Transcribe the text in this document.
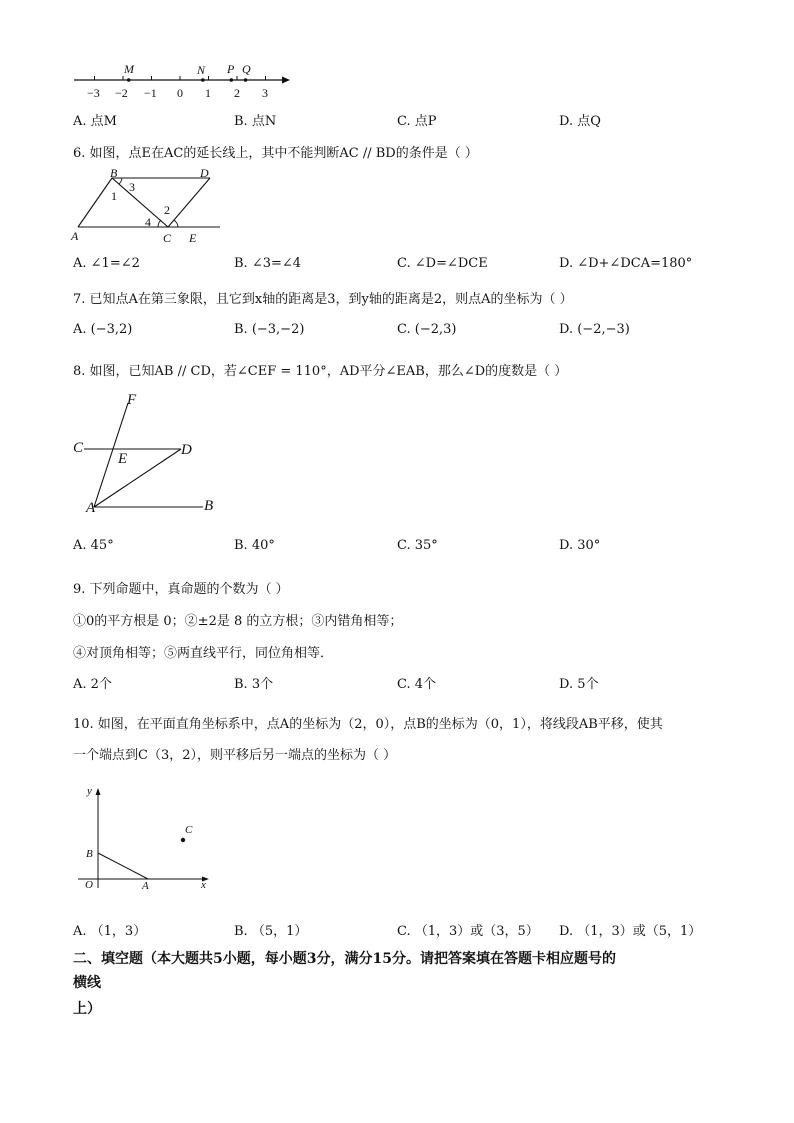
−3 −2 −1 0 1 2 3
M	N P Q
A. 点M	B. 点N	C. 点P	D. 点Q
6. 如图，点E在AC的延长线上，其中不能判断AC // BD的条件是（ ）
B	D
A	C E
1
3
2
4
A. ∠1=∠2	B. ∠3=∠4	C. ∠D=∠DCE	D. ∠D+∠DCA=180°
7. 已知点A在第三象限，且它到x轴的距离是3，到y轴的距离是2，则点A的坐标为（ ）
A. (−3,2)	B. (−3,−2)	C. (−2,3)	D. (−2,−3)
8. 如图，已知AB // CD，若∠CEF = 110°，AD平分∠EAB，那么∠D的度数是（ ）
F
C	D
E
A	B
A. 45°	B. 40°	C. 35°	D. 30°
9. 下列命题中，真命题的个数为（ ）
①0的平方根是 0；②±2是 8 的立方根；③内错角相等；
④对顶角相等；⑤两直线平行，同位角相等．
A. 2个	B. 3个	C. 4个	D. 5个
10. 如图，在平面直角坐标系中，点A的坐标为（2，0），点B的坐标为（0，1），将线段AB平移，使其
一个端点到C（3，2），则平移后另一端点的坐标为（ ）
y
C
B
O	A	x
A. （1，3）	B. （5，1）	C. （1，3）或（3，5） D. （1，3）或（5，1）
二、填空题（本大题共5小题，每小题3分，满分15分。请把答案填在答题卡相应题号的
横线
上）
